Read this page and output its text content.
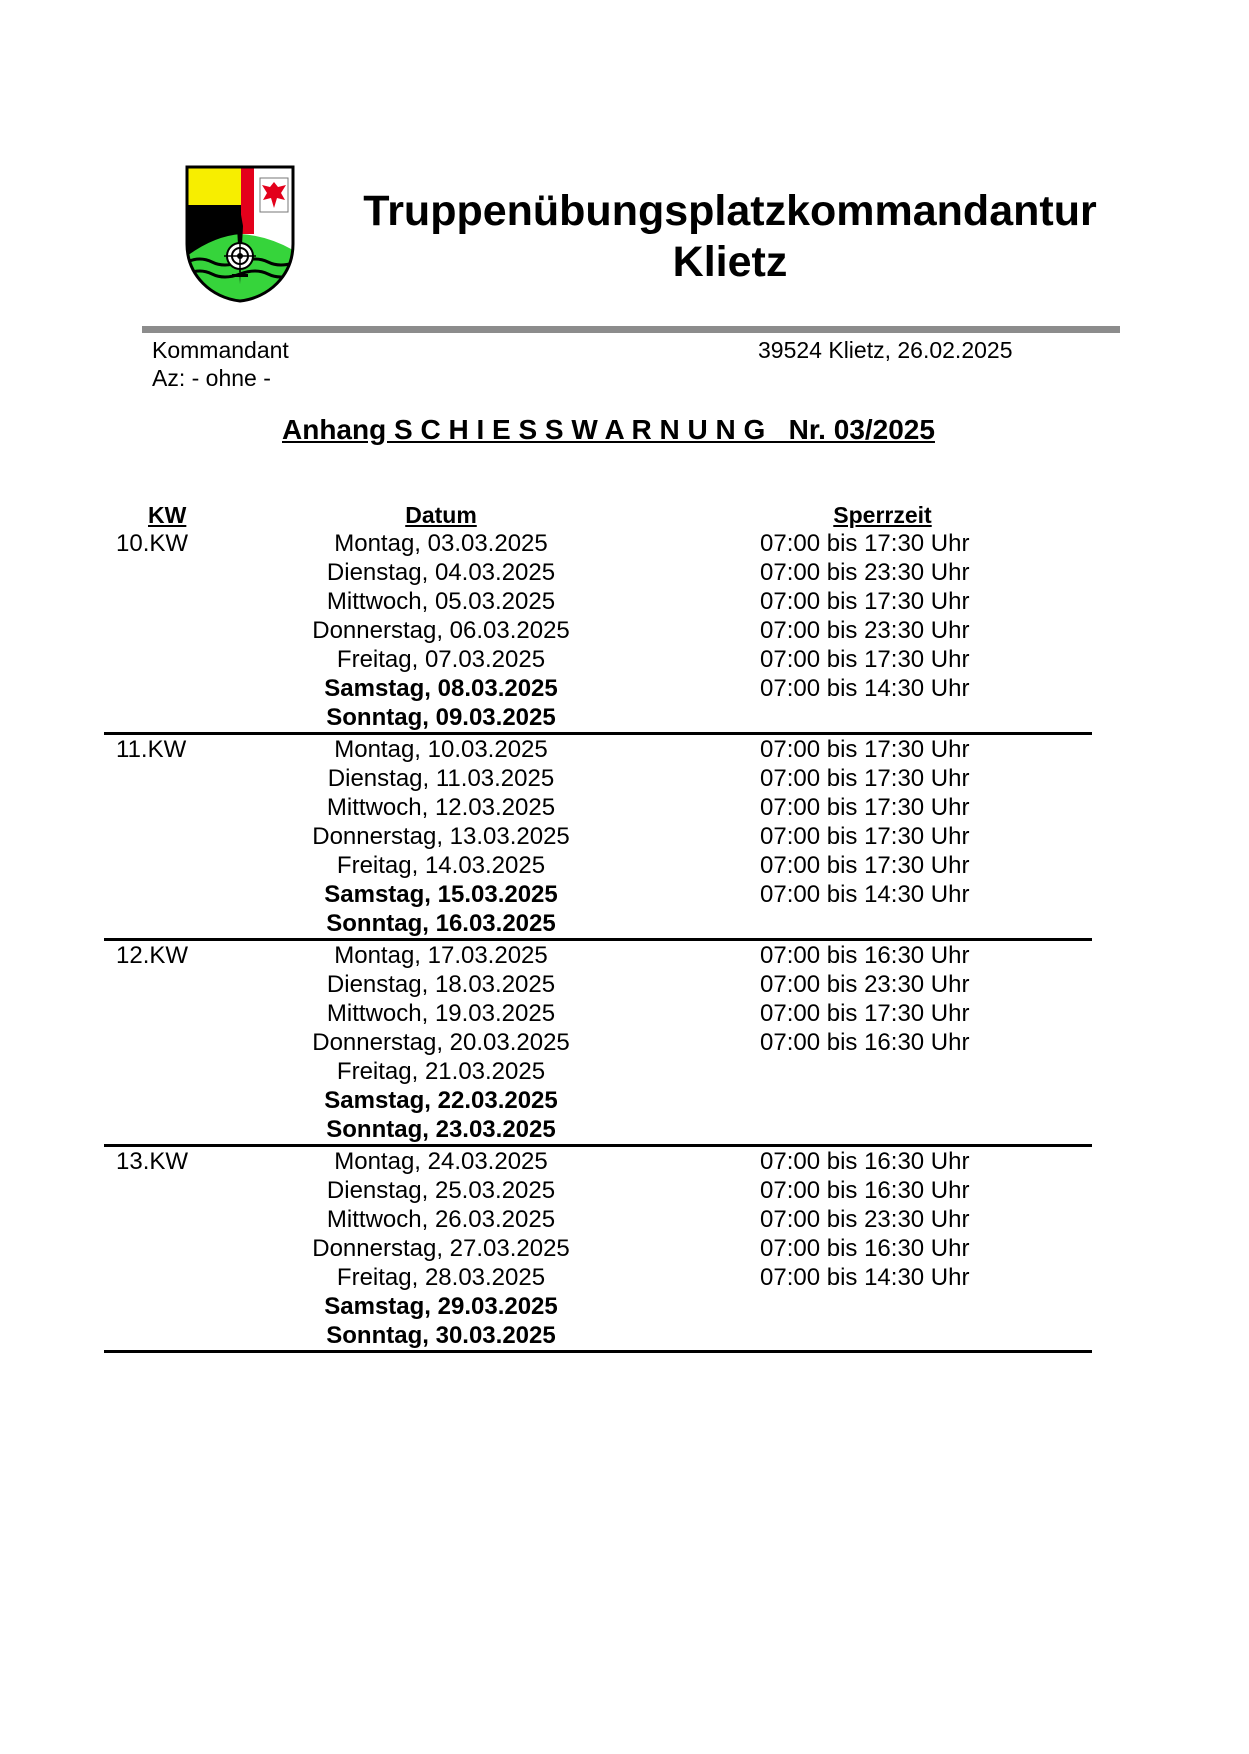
Truppenübungsplatzkommandantur
Klietz
Kommandant
Az: - ohne -
39524 Klietz, 26.02.2025
Anhang S C H I E S S W A R N U N G   Nr. 03/2025
KW	Datum	Sperrzeit
10.KW	Montag, 03.03.2025	07:00 bis 17:30 Uhr
Dienstag, 04.03.2025	07:00 bis 23:30 Uhr
Mittwoch, 05.03.2025	07:00 bis 17:30 Uhr
Donnerstag, 06.03.2025	07:00 bis 23:30 Uhr
Freitag, 07.03.2025	07:00 bis 17:30 Uhr
Samstag, 08.03.2025	07:00 bis 14:30 Uhr
Sonntag, 09.03.2025
11.KW	Montag, 10.03.2025	07:00 bis 17:30 Uhr
Dienstag, 11.03.2025	07:00 bis 17:30 Uhr
Mittwoch, 12.03.2025	07:00 bis 17:30 Uhr
Donnerstag, 13.03.2025	07:00 bis 17:30 Uhr
Freitag, 14.03.2025	07:00 bis 17:30 Uhr
Samstag, 15.03.2025	07:00 bis 14:30 Uhr
Sonntag, 16.03.2025
12.KW	Montag, 17.03.2025	07:00 bis 16:30 Uhr
Dienstag, 18.03.2025	07:00 bis 23:30 Uhr
Mittwoch, 19.03.2025	07:00 bis 17:30 Uhr
Donnerstag, 20.03.2025	07:00 bis 16:30 Uhr
Freitag, 21.03.2025
Samstag, 22.03.2025
Sonntag, 23.03.2025
13.KW	Montag, 24.03.2025	07:00 bis 16:30 Uhr
Dienstag, 25.03.2025	07:00 bis 16:30 Uhr
Mittwoch, 26.03.2025	07:00 bis 23:30 Uhr
Donnerstag, 27.03.2025	07:00 bis 16:30 Uhr
Freitag, 28.03.2025	07:00 bis 14:30 Uhr
Samstag, 29.03.2025
Sonntag, 30.03.2025
